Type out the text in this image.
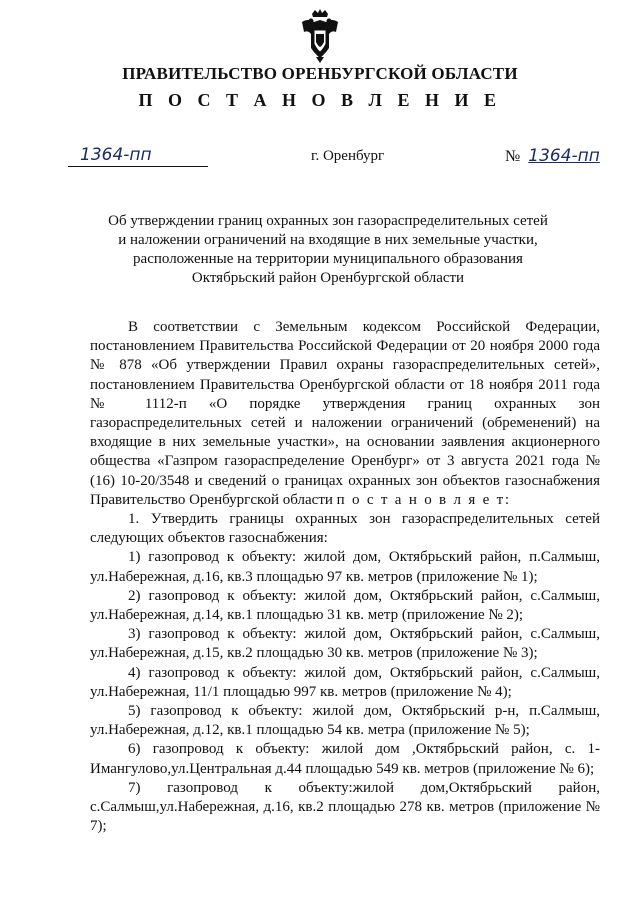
ПРАВИТЕЛЬСТВО ОРЕНБУРГСКОЙ ОБЛАСТИ
П О С Т А Н О В Л Е Н И Е
1364-пп	г. Оренбург	№ 1364-пп
Об утверждении границ охранных зон газораспределительных сетей
и наложении ограничений на входящие в них земельные участки,
расположенные на территории муниципального образования
Октябрьский район Оренбургской области

В соответствии с Земельным кодексом Российской Федерации, постановлением Правительства Российской Федерации от 20 ноября 2000 года № 878 «Об утверждении Правил охраны газораспределительных сетей», постановлением Правительства Оренбургской области от 18 ноября 2011 года № 1112-п «О порядке утверждения границ охранных зон газораспределительных сетей и наложении ограничений (обременений) на входящие в них земельные участки», на основании заявления акционерного общества «Газпром газораспределение Оренбург» от 3 августа 2021 года № (16) 10-20/3548 и сведений о границах охранных зон объектов газоснабжения Правительство Оренбургской области п о с т а н о в л я е т:

1. Утвердить границы охранных зон газораспределительных сетей следующих объектов газоснабжения:

1) газопровод к объекту: жилой дом, Октябрьский район, п.Салмыш, ул.Набережная, д.16, кв.3 площадью 97 кв. метров (приложение № 1);

2) газопровод к объекту: жилой дом, Октябрьский район, с.Салмыш, ул.Набережная, д.14, кв.1 площадью 31 кв. метр (приложение № 2);

3) газопровод к объекту: жилой дом, Октябрьский район, с.Салмыш, ул.Набережная, д.15, кв.2 площадью 30 кв. метров (приложение № 3);

4) газопровод к объекту: жилой дом, Октябрьский район, с.Салмыш, ул.Набережная, 11/1 площадью 997 кв. метров (приложение № 4);

5) газопровод к объекту: жилой дом, Октябрьский р-н, п.Салмыш, ул.Набережная, д.12, кв.1 площадью 54 кв. метра (приложение № 5);

6) газопровод к объекту: жилой дом ,Октябрьский район, с. 1-Имангулово,ул.Центральная д.44 площадью 549 кв. метров (приложение № 6);

7) газопровод к объекту:жилой дом,Октябрьский район, с.Салмыш,ул.Набережная, д.16, кв.2 площадью 278 кв. метров (приложение № 7);
